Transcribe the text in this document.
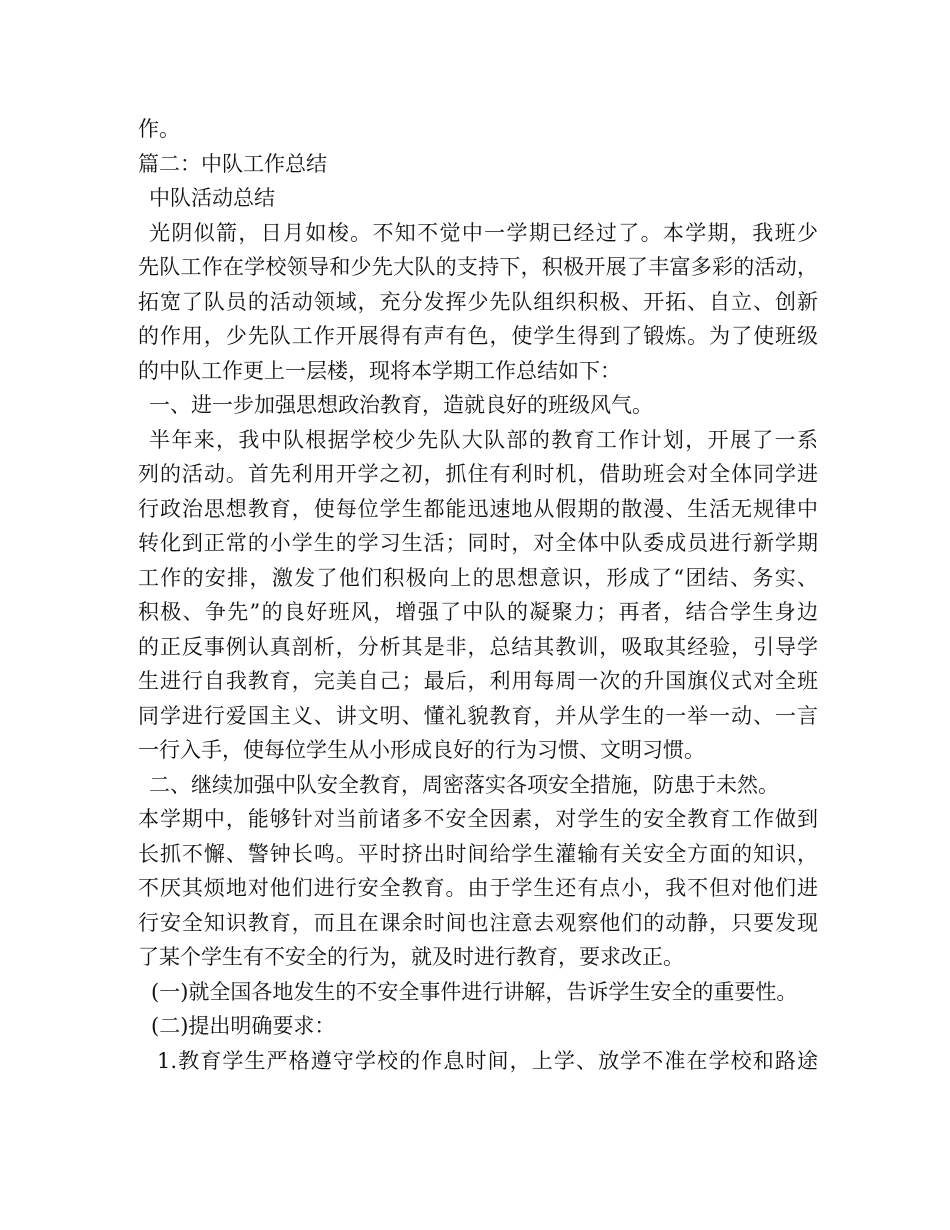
作。
篇二：中队工作总结
中队活动总结
光阴似箭，日月如梭。不知不觉中一学期已经过了。本学期，我班少
先队工作在学校领导和少先大队的支持下，积极开展了丰富多彩的活动，
拓宽了队员的活动领域，充分发挥少先队组织积极、开拓、自立、创新
的作用，少先队工作开展得有声有色，使学生得到了锻炼。为了使班级
的中队工作更上一层楼，现将本学期工作总结如下：
一、进一步加强思想政治教育，造就良好的班级风气。
半年来，我中队根据学校少先队大队部的教育工作计划，开展了一系
列的活动。首先利用开学之初，抓住有利时机，借助班会对全体同学进
行政治思想教育，使每位学生都能迅速地从假期的散漫、生活无规律中
转化到正常的小学生的学习生活；同时，对全体中队委成员进行新学期
工作的安排，激发了他们积极向上的思想意识，形成了“团结、务实、
积极、争先”的良好班风，增强了中队的凝聚力；再者，结合学生身边
的正反事例认真剖析，分析其是非，总结其教训，吸取其经验，引导学
生进行自我教育，完美自己；最后，利用每周一次的升国旗仪式对全班
同学进行爱国主义、讲文明、懂礼貌教育，并从学生的一举一动、一言
一行入手，使每位学生从小形成良好的行为习惯、文明习惯。
二、继续加强中队安全教育，周密落实各项安全措施，防患于未然。
本学期中，能够针对当前诸多不安全因素，对学生的安全教育工作做到
长抓不懈、警钟长鸣。平时挤出时间给学生灌输有关安全方面的知识，
不厌其烦地对他们进行安全教育。由于学生还有点小，我不但对他们进
行安全知识教育，而且在课余时间也注意去观察他们的动静，只要发现
了某个学生有不安全的行为，就及时进行教育，要求改正。
(一)就全国各地发生的不安全事件进行讲解，告诉学生安全的重要性。
(二)提出明确要求：
1.教育学生严格遵守学校的作息时间，上学、放学不准在学校和路途
